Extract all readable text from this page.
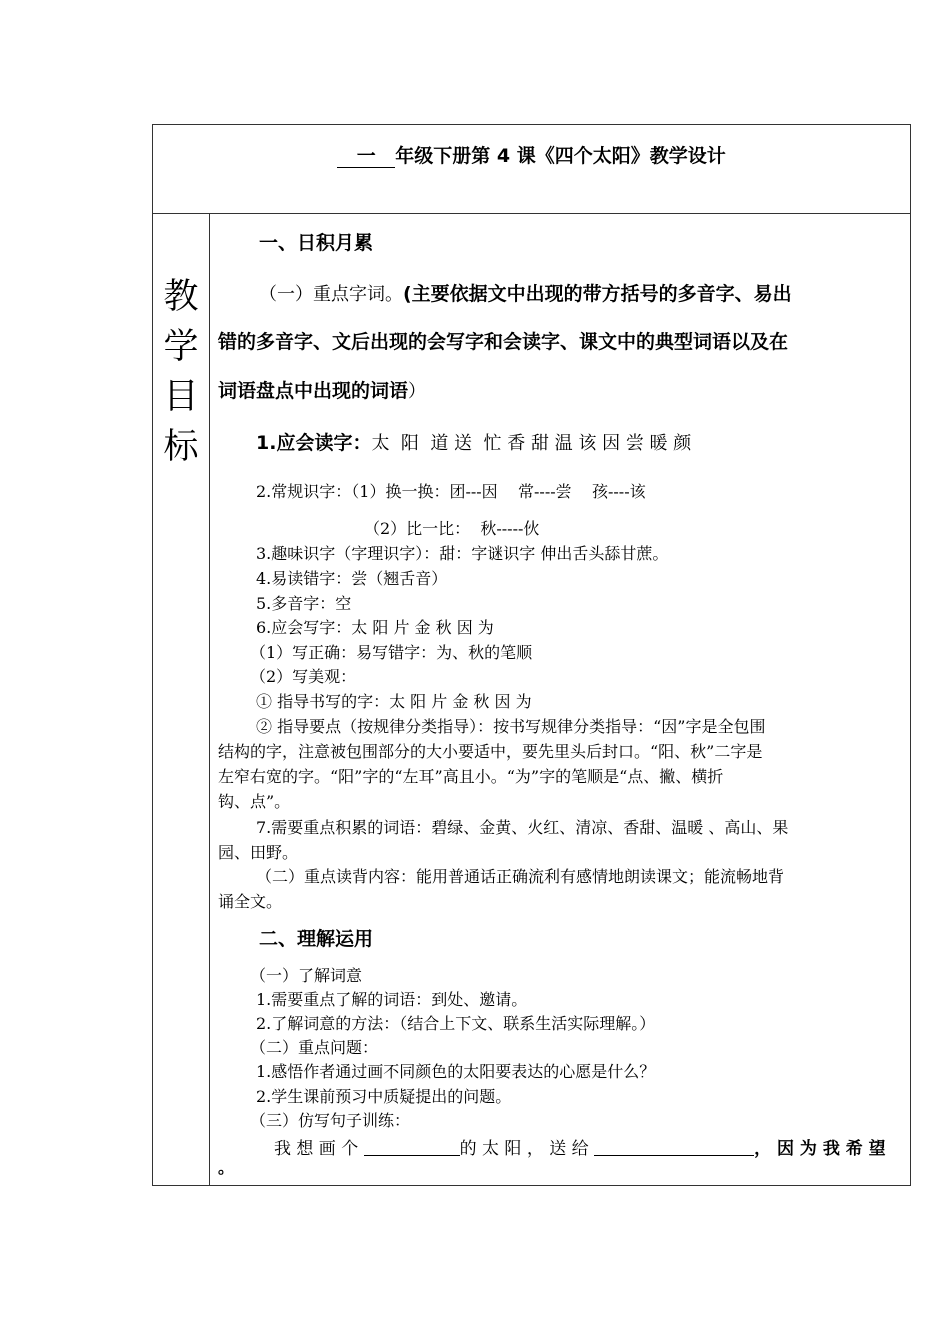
一 年级下册第 4 课《四个太阳》教学设计
教
学
目
标
一、日积月累
（一）重点字词。(主要依据文中出现的带方括号的多音字、易出
错的多音字、文后出现的会写字和会读字、课文中的典型词语以及在
词语盘点中出现的词语）
1.应会读字：太  阳  道 送  忙 香 甜 温 该 因 尝 暖 颜
2.常规识字：（1）换一换：团---因    常----尝    孩----该
（2）比一比：  秋-----伙
3.趣味识字（字理识字）：甜：字谜识字 伸出舌头舔甘蔗。
4.易读错字：尝（翘舌音）
5.多音字：空
6.应会写字：太 阳 片 金 秋 因 为
（1）写正确：易写错字：为、秋的笔顺
（2）写美观：
① 指导书写的字：太 阳 片 金 秋 因 为
② 指导要点（按规律分类指导）：按书写规律分类指导：“因”字是全包围
结构的字，注意被包围部分的大小要适中，要先里头后封口。“阳、秋”二字是
左窄右宽的字。“阳”字的“左耳”高且小。“为”字的笔顺是“点、撇、横折
钩、点”。
7.需要重点积累的词语：碧绿、金黄、火红、清凉、香甜、温暖 、高山、果
园、田野。
（二）重点读背内容：能用普通话正确流利有感情地朗读课文；能流畅地背
诵全文。
二、理解运用
（一）了解词意
1.需要重点了解的词语：到处、邀请。
2.了解词意的方法：（结合上下文、联系生活实际理解。）
（二）重点问题：
1.感悟作者通过画不同颜色的太阳要表达的心愿是什么？
2.学生课前预习中质疑提出的问题。
（三）仿写句子训练：
我 想 画 个	的 太 阳 ， 送 给	， 因 为 我 希 望
。
